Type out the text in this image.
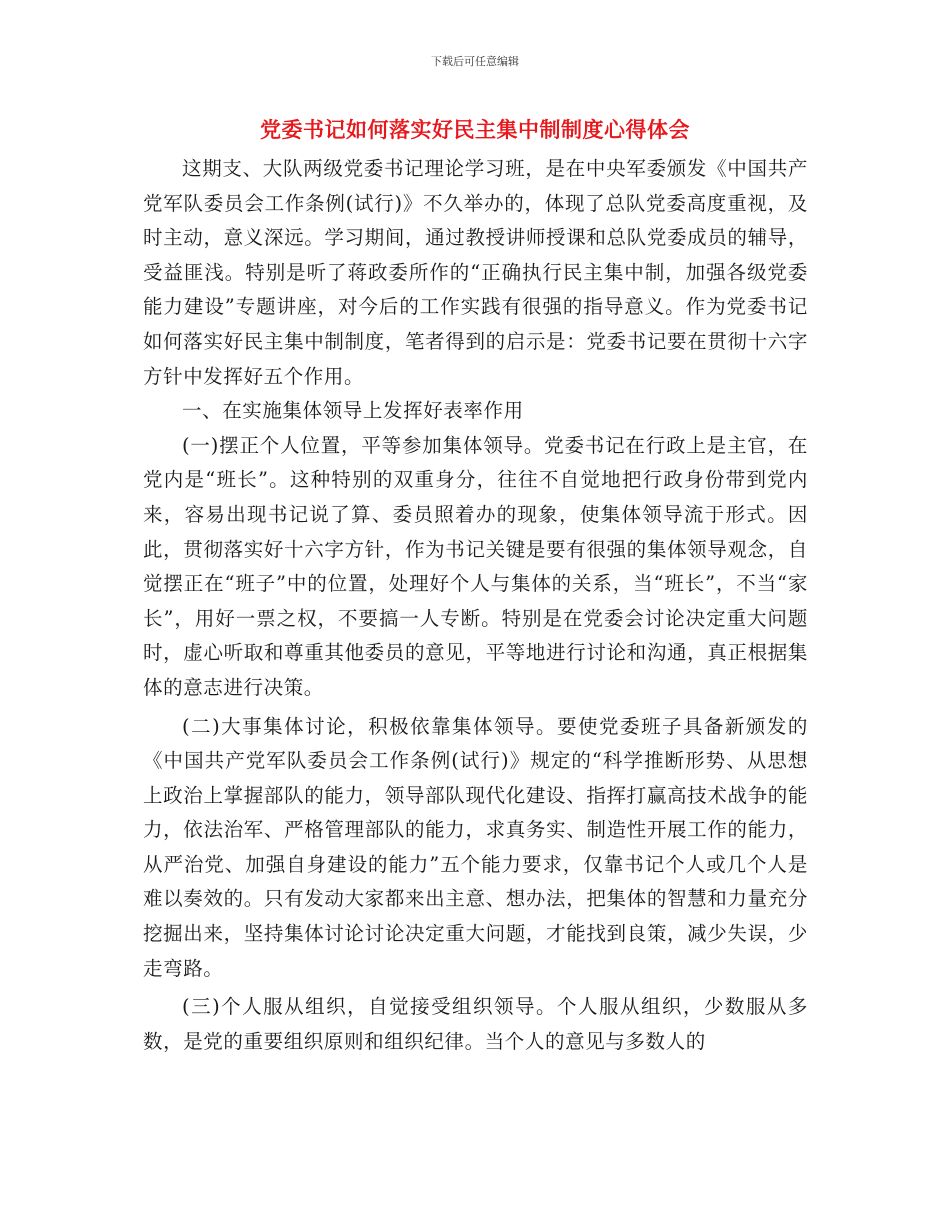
下载后可任意编辑
党委书记如何落实好民主集中制制度心得体会

这期支、大队两级党委书记理论学习班，是在中央军委颁发《中国共产党军队委员会工作条例(试行)》不久举办的，体现了总队党委高度重视，及时主动，意义深远。学习期间，通过教授讲师授课和总队党委成员的辅导，受益匪浅。特别是听了蒋政委所作的“正确执行民主集中制，加强各级党委能力建设”专题讲座，对今后的工作实践有很强的指导意义。作为党委书记如何落实好民主集中制制度，笔者得到的启示是：党委书记要在贯彻十六字方针中发挥好五个作用。

一、在实施集体领导上发挥好表率作用

(一)摆正个人位置，平等参加集体领导。党委书记在行政上是主官，在党内是“班长”。这种特别的双重身分，往往不自觉地把行政身份带到党内来，容易出现书记说了算、委员照着办的现象，使集体领导流于形式。因此，贯彻落实好十六字方针，作为书记关键是要有很强的集体领导观念，自觉摆正在“班子”中的位置，处理好个人与集体的关系，当“班长”，不当“家长”，用好一票之权，不要搞一人专断。特别是在党委会讨论决定重大问题时，虚心听取和尊重其他委员的意见，平等地进行讨论和沟通，真正根据集体的意志进行决策。

(二)大事集体讨论，积极依靠集体领导。要使党委班子具备新颁发的《中国共产党军队委员会工作条例(试行)》规定的“科学推断形势、从思想上政治上掌握部队的能力，领导部队现代化建设、指挥打赢高技术战争的能力，依法治军、严格管理部队的能力，求真务实、制造性开展工作的能力，从严治党、加强自身建设的能力”五个能力要求，仅靠书记个人或几个人是难以奏效的。只有发动大家都来出主意、想办法，把集体的智慧和力量充分挖掘出来，坚持集体讨论讨论决定重大问题，才能找到良策，减少失误，少走弯路。

(三)个人服从组织，自觉接受组织领导。个人服从组织，少数服从多数，是党的重要组织原则和组织纪律。当个人的意见与多数人的
